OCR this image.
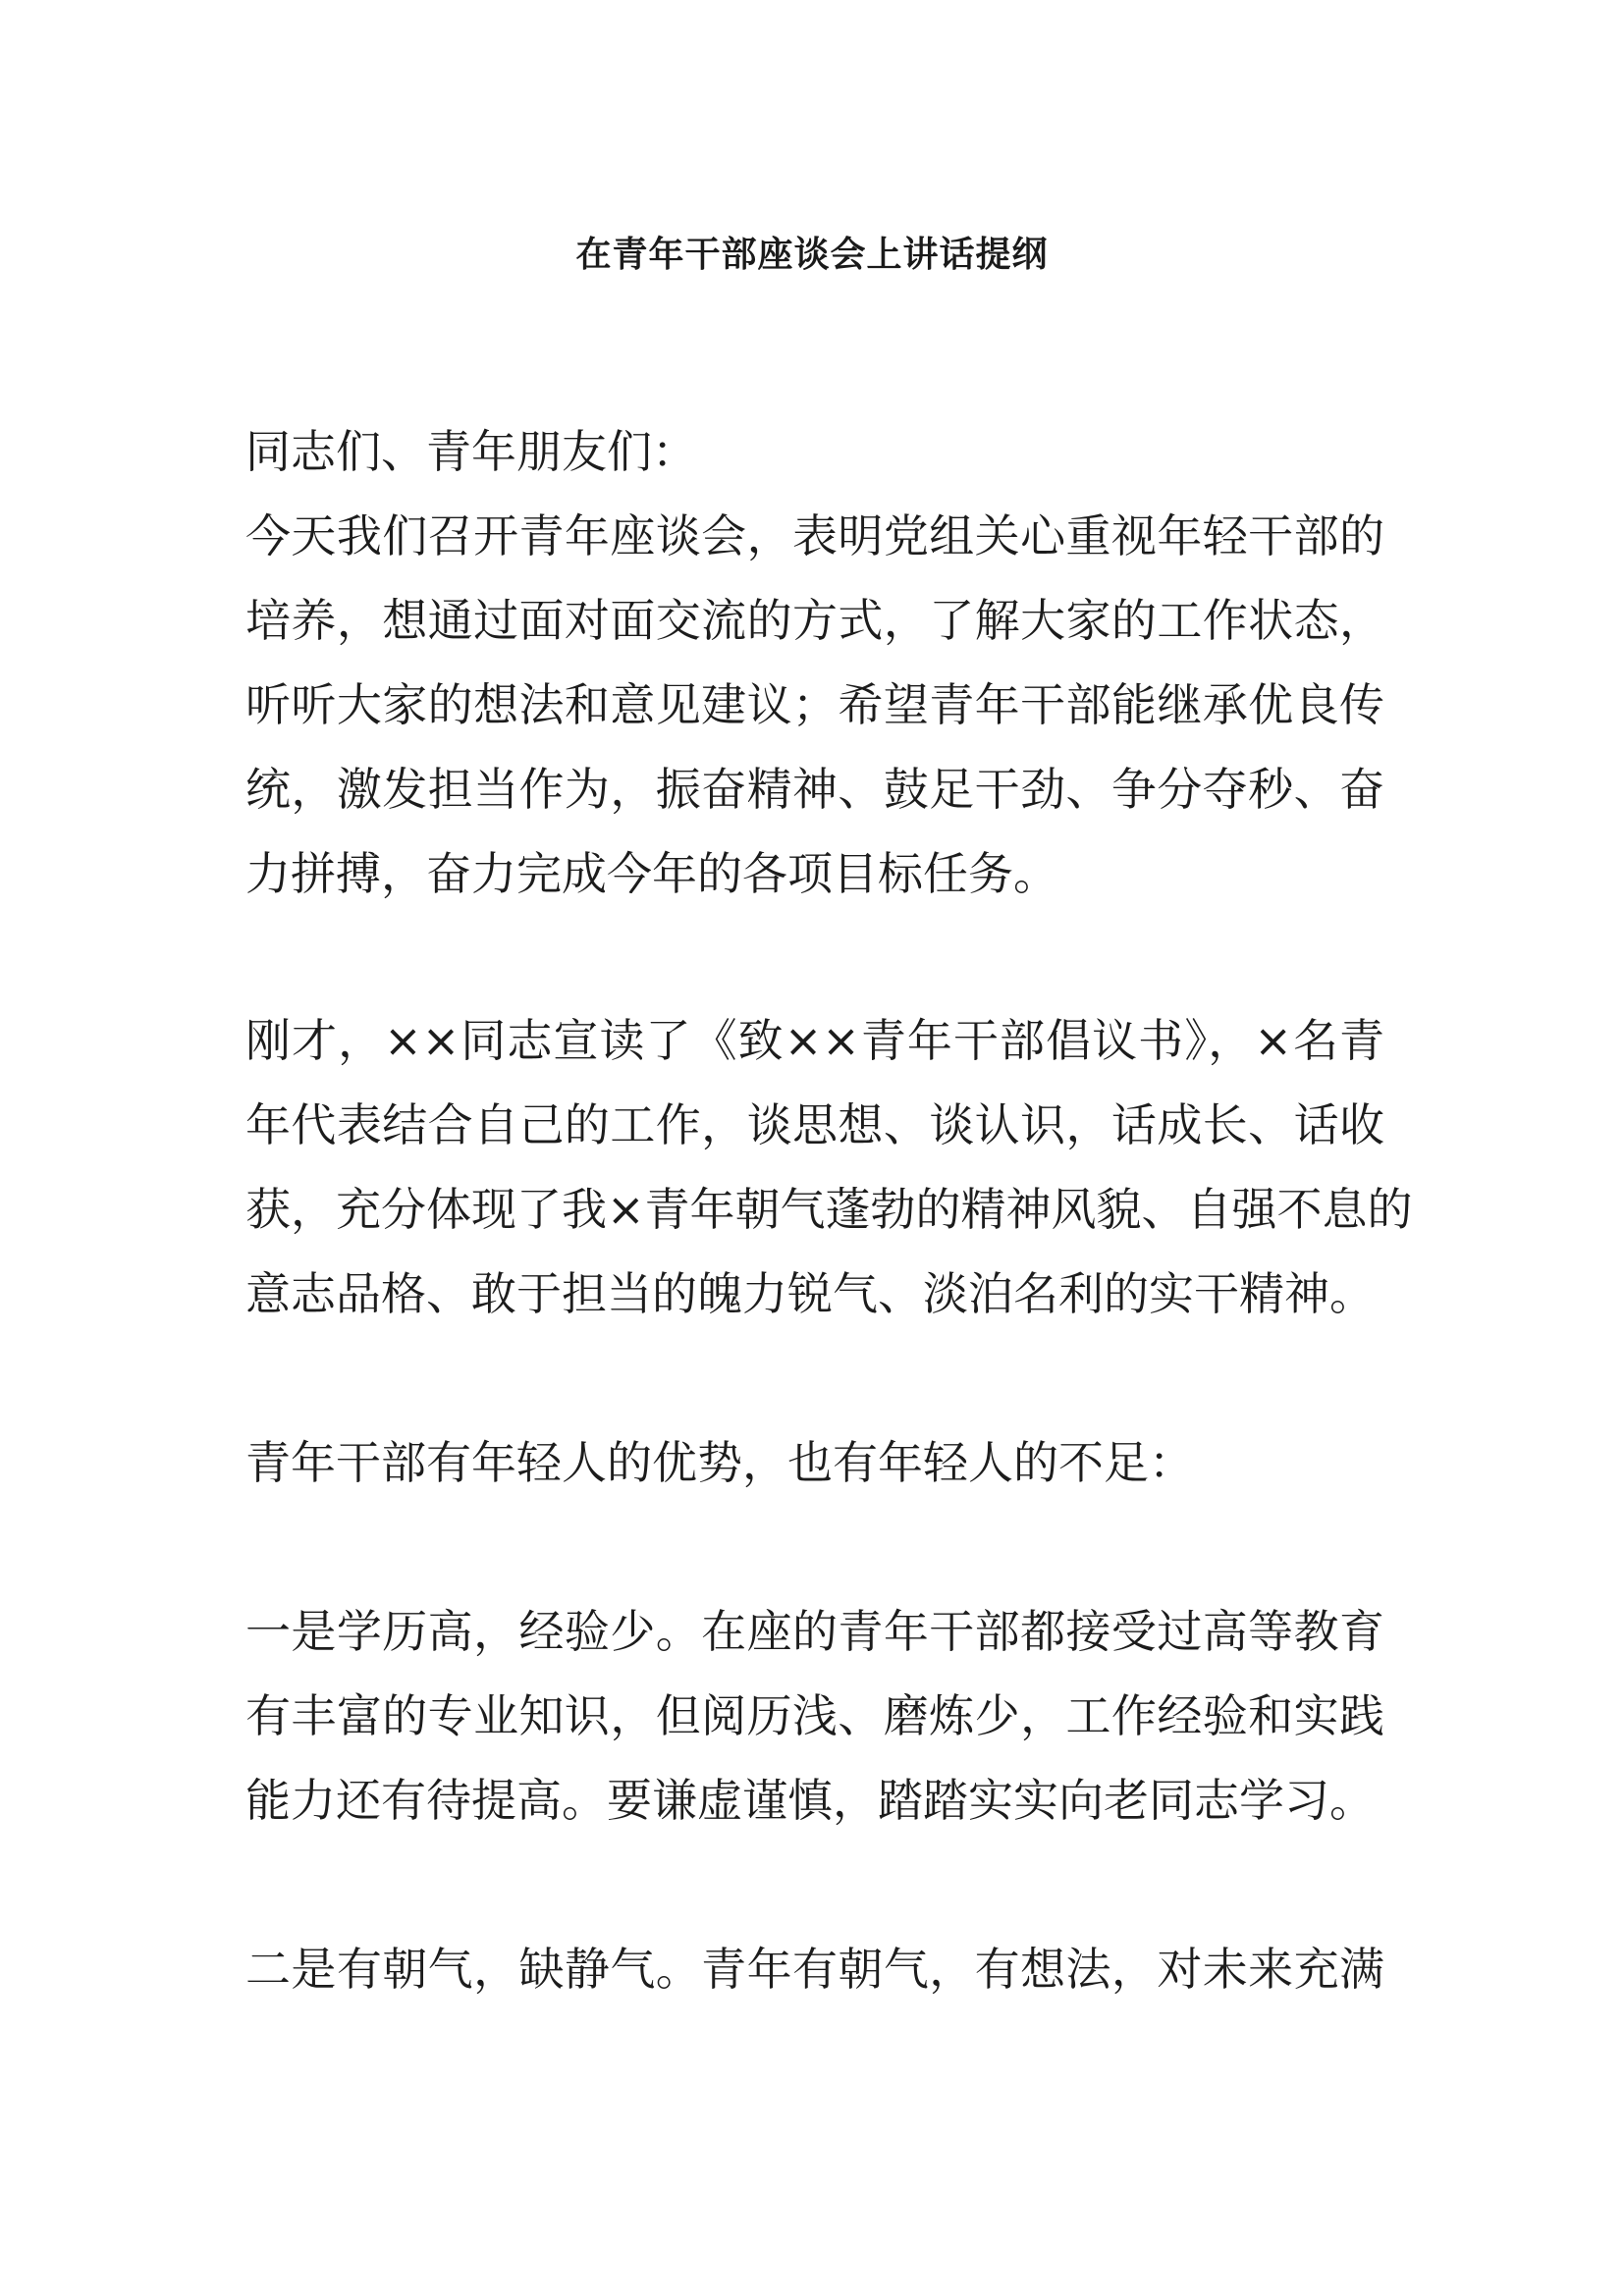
在青年干部座谈会上讲话提纲

同志们、青年朋友们：

今天我们召开青年座谈会，表明党组关心重视年轻干部的

培养，想通过面对面交流的方式，了解大家的工作状态，

听听大家的想法和意见建议；希望青年干部能继承优良传

统，激发担当作为，振奋精神、鼓足干劲、争分夺秒、奋

力拼搏，奋力完成今年的各项目标任务。

刚才，××同志宣读了《致××青年干部倡议书》，×名青

年代表结合自己的工作，谈思想、谈认识，话成长、话收

获，充分体现了我×青年朝气蓬勃的精神风貌、自强不息的

意志品格、敢于担当的魄力锐气、淡泊名利的实干精神。

青年干部有年轻人的优势，也有年轻人的不足：

一是学历高，经验少。在座的青年干部都接受过高等教育

有丰富的专业知识，但阅历浅、磨炼少，工作经验和实践

能力还有待提高。要谦虚谨慎，踏踏实实向老同志学习。

二是有朝气，缺静气。青年有朝气，有想法，对未来充满
